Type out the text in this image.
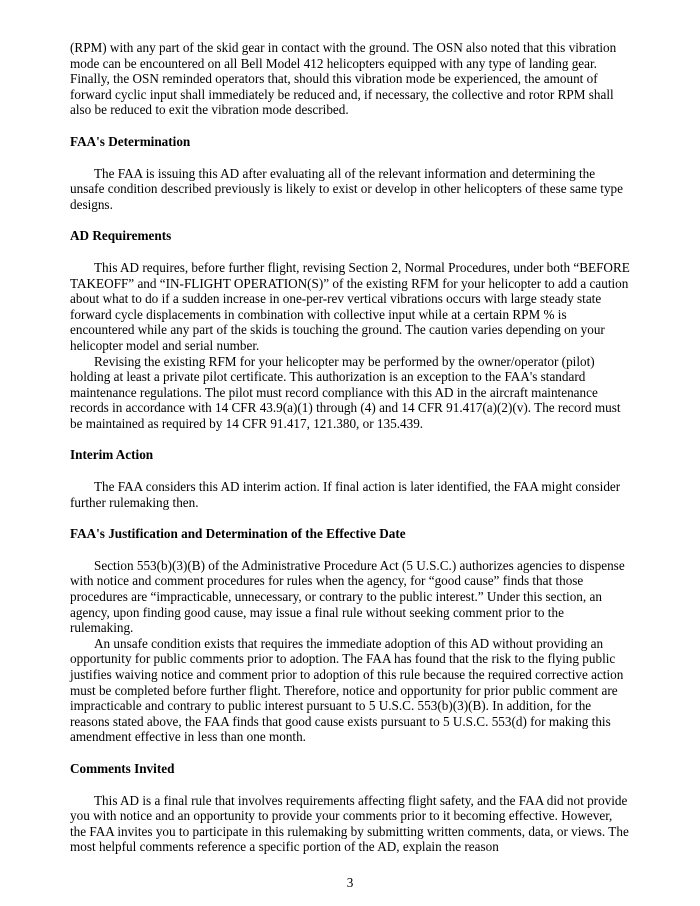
(RPM) with any part of the skid gear in contact with the ground. The OSN also noted that this vibration mode can be encountered on all Bell Model 412 helicopters equipped with any type of landing gear. Finally, the OSN reminded operators that, should this vibration mode be experienced, the amount of forward cyclic input shall immediately be reduced and, if necessary, the collective and rotor RPM shall also be reduced to exit the vibration mode described.

FAA's Determination

The FAA is issuing this AD after evaluating all of the relevant information and determining the unsafe condition described previously is likely to exist or develop in other helicopters of these same type designs.

AD Requirements

This AD requires, before further flight, revising Section 2, Normal Procedures, under both “BEFORE TAKEOFF” and “IN-FLIGHT OPERATION(S)” of the existing RFM for your helicopter to add a caution about what to do if a sudden increase in one-per-rev vertical vibrations occurs with large steady state forward cycle displacements in combination with collective input while at a certain RPM % is encountered while any part of the skids is touching the ground. The caution varies depending on your helicopter model and serial number.

Revising the existing RFM for your helicopter may be performed by the owner/operator (pilot) holding at least a private pilot certificate. This authorization is an exception to the FAA's standard maintenance regulations. The pilot must record compliance with this AD in the aircraft maintenance records in accordance with 14 CFR 43.9(a)(1) through (4) and 14 CFR 91.417(a)(2)(v). The record must be maintained as required by 14 CFR 91.417, 121.380, or 135.439.

Interim Action

The FAA considers this AD interim action. If final action is later identified, the FAA might consider further rulemaking then.

FAA's Justification and Determination of the Effective Date

Section 553(b)(3)(B) of the Administrative Procedure Act (5 U.S.C.) authorizes agencies to dispense with notice and comment procedures for rules when the agency, for “good cause” finds that those procedures are “impracticable, unnecessary, or contrary to the public interest.” Under this section, an agency, upon finding good cause, may issue a final rule without seeking comment prior to the rulemaking.

An unsafe condition exists that requires the immediate adoption of this AD without providing an opportunity for public comments prior to adoption. The FAA has found that the risk to the flying public justifies waiving notice and comment prior to adoption of this rule because the required corrective action must be completed before further flight. Therefore, notice and opportunity for prior public comment are impracticable and contrary to public interest pursuant to 5 U.S.C. 553(b)(3)(B). In addition, for the reasons stated above, the FAA finds that good cause exists pursuant to 5 U.S.C. 553(d) for making this amendment effective in less than one month.

Comments Invited

This AD is a final rule that involves requirements affecting flight safety, and the FAA did not provide you with notice and an opportunity to provide your comments prior to it becoming effective. However, the FAA invites you to participate in this rulemaking by submitting written comments, data, or views. The most helpful comments reference a specific portion of the AD, explain the reason

3
